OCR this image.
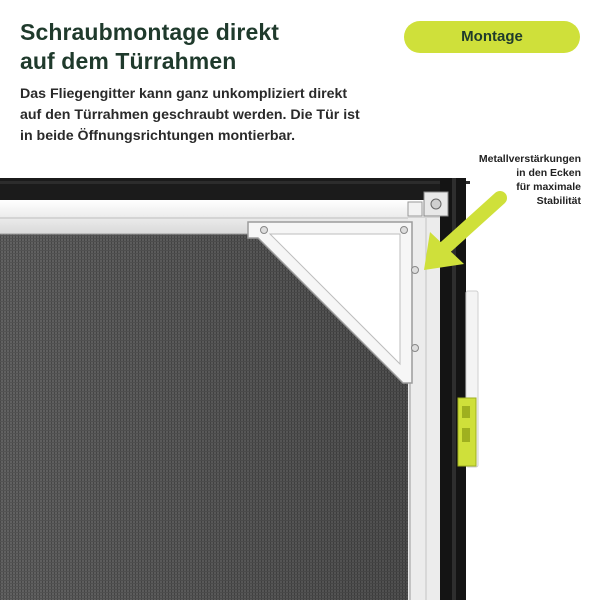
Schraubmontage direkt
auf dem Türrahmen
Montage

Das Fliegengitter kann ganz unkompliziert direkt
auf den Türrahmen geschraubt werden. Die Tür ist
in beide Öffnungsrichtungen montierbar.

Metallverstärkungen
in den Ecken
für maximale
Stabilität
